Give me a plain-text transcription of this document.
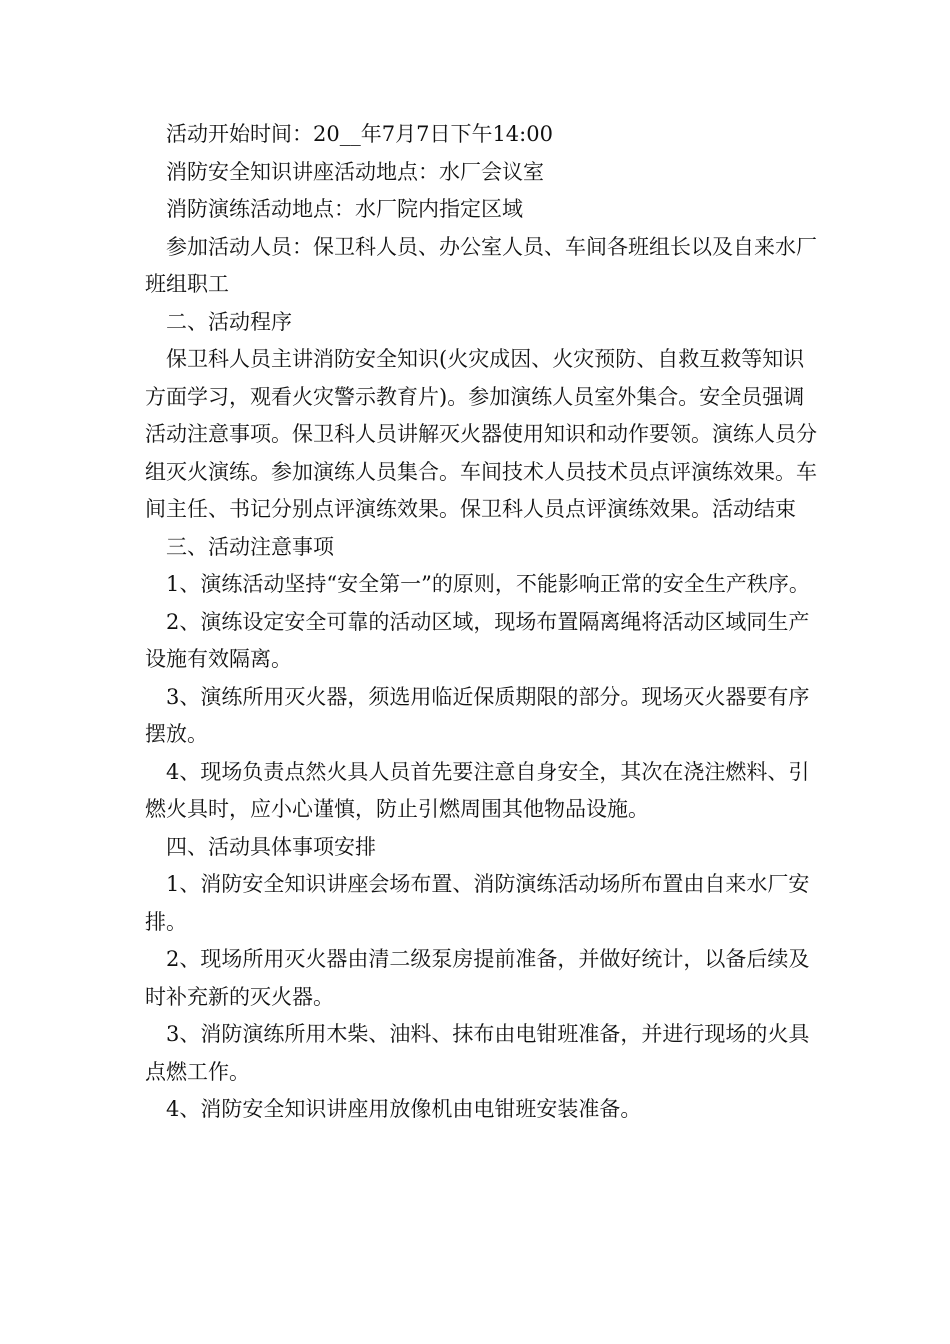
活动开始时间：20__年7月7日下午14:00

消防安全知识讲座活动地点：水厂会议室

消防演练活动地点：水厂院内指定区域

参加活动人员：保卫科人员、办公室人员、车间各班组长以及自来水厂班组职工

二、活动程序

保卫科人员主讲消防安全知识(火灾成因、火灾预防、自救互救等知识方面学习，观看火灾警示教育片)。参加演练人员室外集合。安全员强调活动注意事项。保卫科人员讲解灭火器使用知识和动作要领。演练人员分组灭火演练。参加演练人员集合。车间技术人员技术员点评演练效果。车间主任、书记分别点评演练效果。保卫科人员点评演练效果。活动结束

三、活动注意事项

1、演练活动坚持“安全第一”的原则，不能影响正常的安全生产秩序。

2、演练设定安全可靠的活动区域，现场布置隔离绳将活动区域同生产设施有效隔离。

3、演练所用灭火器，须选用临近保质期限的部分。现场灭火器要有序摆放。

4、现场负责点然火具人员首先要注意自身安全，其次在浇注燃料、引燃火具时，应小心谨慎，防止引燃周围其他物品设施。

四、活动具体事项安排

1、消防安全知识讲座会场布置、消防演练活动场所布置由自来水厂安排。

2、现场所用灭火器由清二级泵房提前准备，并做好统计，以备后续及时补充新的灭火器。

3、消防演练所用木柴、油料、抹布由电钳班准备，并进行现场的火具点燃工作。

4、消防安全知识讲座用放像机由电钳班安装准备。
